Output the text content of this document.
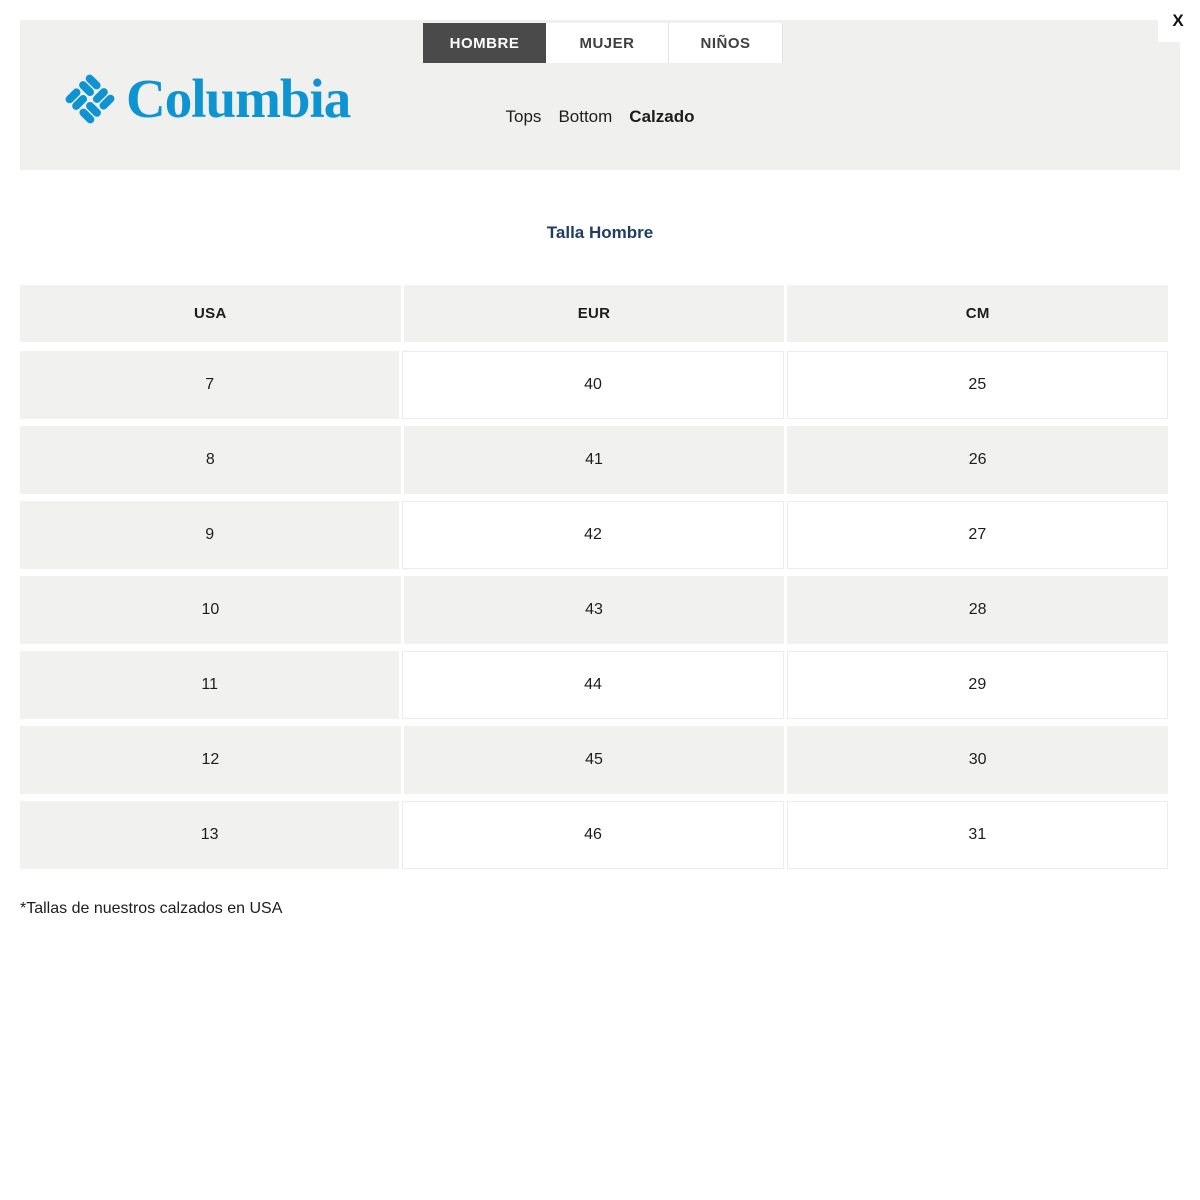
X
Columbia
HOMBRE	MUJER	NIÑOS
Tops Bottom Calzado
Talla Hombre
USA	EUR	CM
7	40	25
8	41	26
9	42	27
10	43	28
11	44	29
12	45	30
13	46	31
*Tallas de nuestros calzados en USA
